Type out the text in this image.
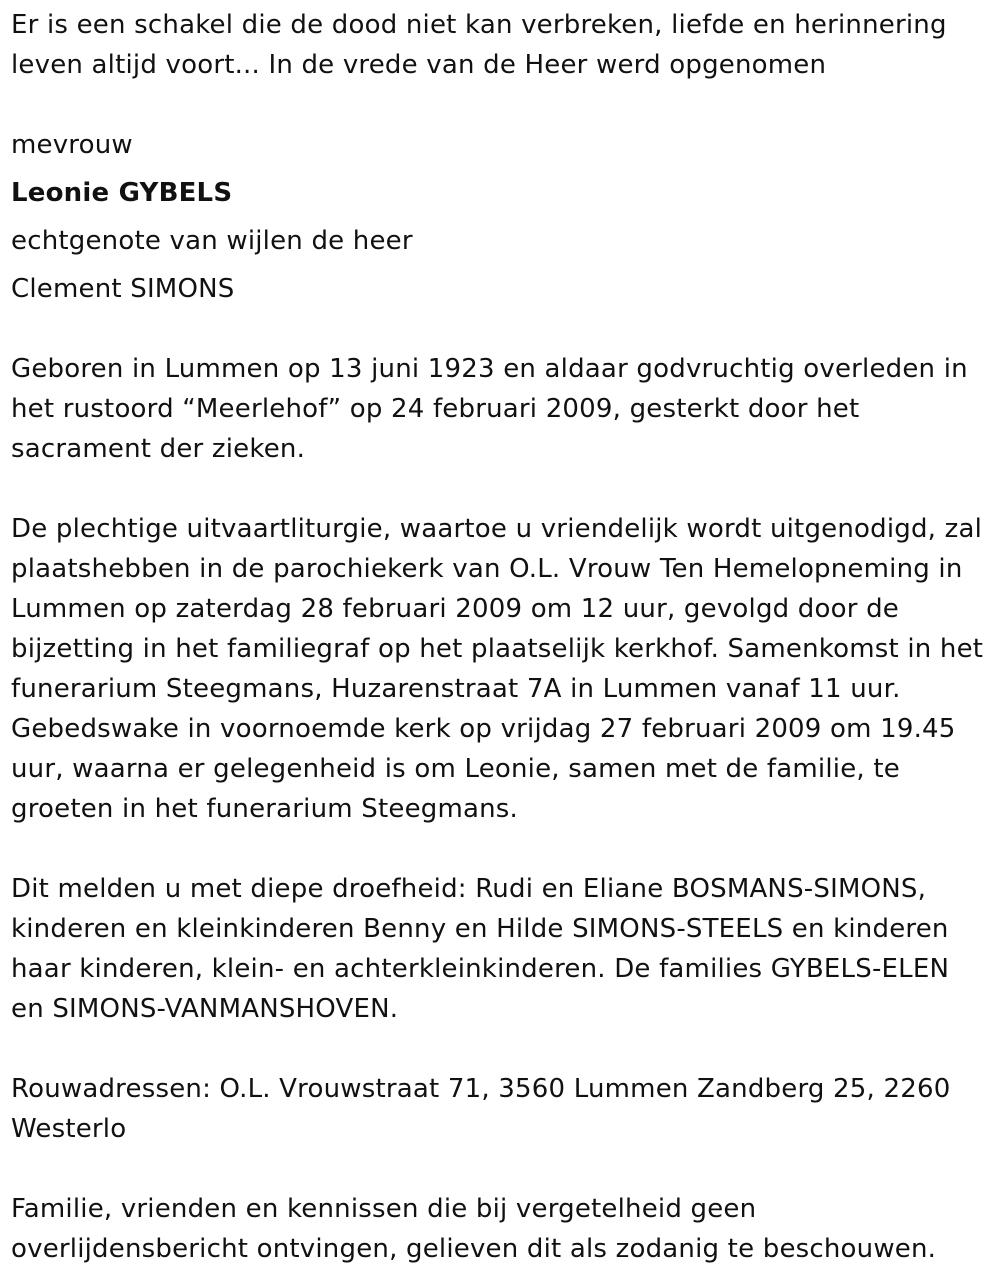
Er is een schakel die de dood niet kan verbreken, liefde en herinnering leven altijd voort... In de vrede van de Heer werd opgenomen

mevrouw

Leonie GYBELS

echtgenote van wijlen de heer

Clement SIMONS

Geboren in Lummen op 13 juni 1923 en aldaar godvruchtig overleden in het rustoord “Meerlehof” op 24 februari 2009, gesterkt door het sacrament der zieken.

De plechtige uitvaartliturgie, waartoe u vriendelijk wordt uitgenodigd, zal plaatshebben in de parochiekerk van O.L. Vrouw Ten Hemelopneming in Lummen op zaterdag 28 februari 2009 om 12 uur, gevolgd door de bijzetting in het familiegraf op het plaatselijk kerkhof. Samenkomst in het funerarium Steegmans, Huzarenstraat 7A in Lummen vanaf 11 uur. Gebedswake in voornoemde kerk op vrijdag 27 februari 2009 om 19.45 uur, waarna er gelegenheid is om Leonie, samen met de familie, te groeten in het funerarium Steegmans.

Dit melden u met diepe droefheid: Rudi en Eliane BOSMANS-SIMONS, kinderen en kleinkinderen Benny en Hilde SIMONS-STEELS en kinderen haar kinderen, klein- en achterkleinkinderen. De families GYBELS-ELEN en SIMONS-VANMANSHOVEN.

Rouwadressen: O.L. Vrouwstraat 71, 3560 Lummen Zandberg 25, 2260 Westerlo

Familie, vrienden en kennissen die bij vergetelheid geen overlijdensbericht ontvingen, gelieven dit als zodanig te beschouwen.
